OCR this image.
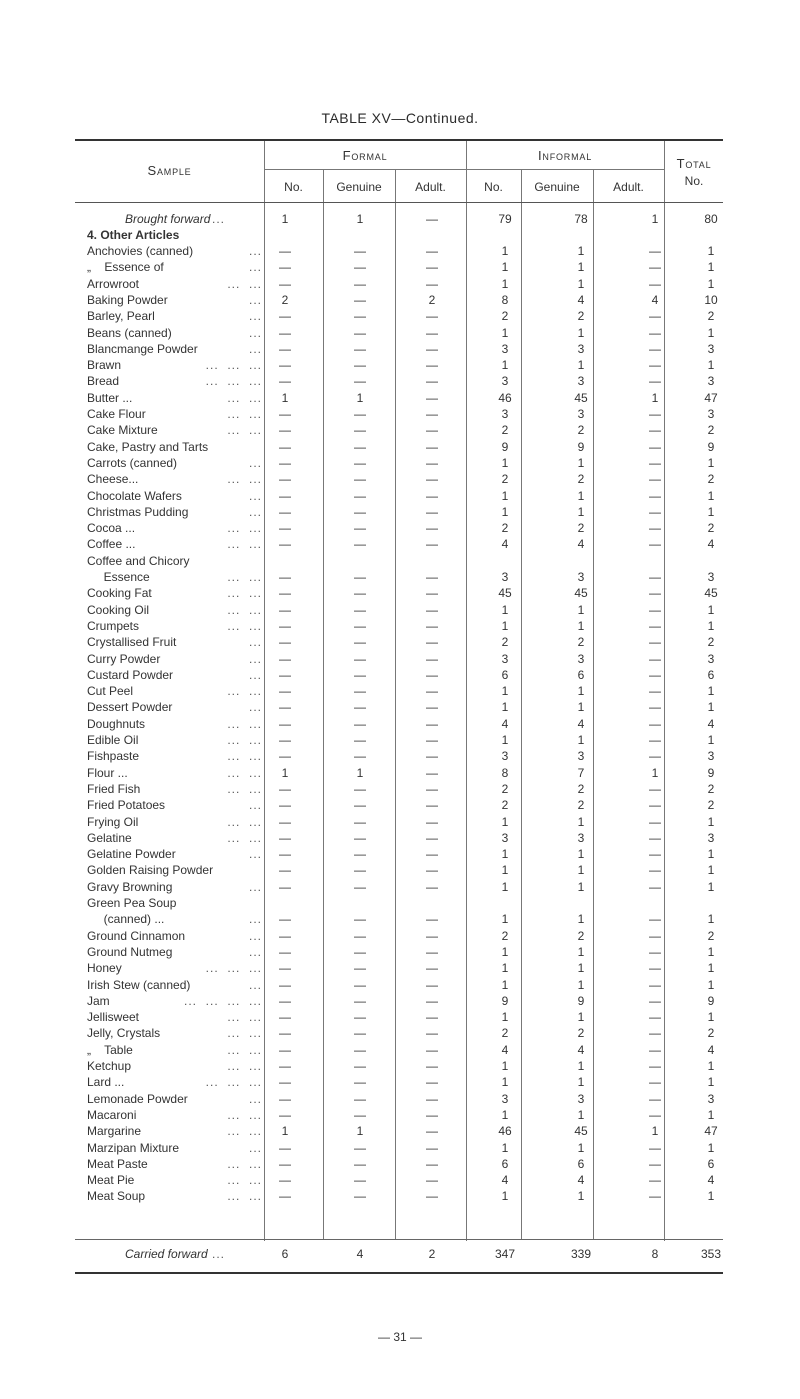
TABLE XV—Continued.
Sample
Formal	Informal
Total
No.
No.	Genuine	Adult.	No.	Genuine	Adult.
Brought forward ...	1	1	—	79	78	1	80
4. Other Articles
Anchovies (canned)	...	—	—	—	1	1	—	1
„    Essence of	...	—	—	—	1	1	—	1
Arrowroot	...  ...	—	—	—	1	1	—	1
Baking Powder	...	2	—	2	8	4	4	10
Barley, Pearl	...	—	—	—	2	2	—	2
Beans (canned)	...	—	—	—	1	1	—	1
Blancmange Powder	...	—	—	—	3	3	—	3
Brawn	...  ...  ...	—	—	—	1	1	—	1
Bread	...  ...  ...	—	—	—	3	3	—	3
Butter ...	...  ...	1	1	—	46	45	1	47
Cake Flour	...  ...	—	—	—	3	3	—	3
Cake Mixture	...  ...	—	—	—	2	2	—	2
Cake, Pastry and Tarts	—	—	—	9	9	—	9
Carrots (canned)	...	—	—	—	1	1	—	1
Cheese...	...  ...	—	—	—	2	2	—	2
Chocolate Wafers	...	—	—	—	1	1	—	1
Christmas Pudding	...	—	—	—	1	1	—	1
Cocoa ...	...  ...	—	—	—	2	2	—	2
Coffee ...	...  ...	—	—	—	4	4	—	4
Coffee and Chicory
Essence	...  ...	—	—	—	3	3	—	3
Cooking Fat	...  ...	—	—	—	45	45	—	45
Cooking Oil	...  ...	—	—	—	1	1	—	1
Crumpets	...  ...	—	—	—	1	1	—	1
Crystallised Fruit	...	—	—	—	2	2	—	2
Curry Powder	...	—	—	—	3	3	—	3
Custard Powder	...	—	—	—	6	6	—	6
Cut Peel	...  ...	—	—	—	1	1	—	1
Dessert Powder	...	—	—	—	1	1	—	1
Doughnuts	...  ...	—	—	—	4	4	—	4
Edible Oil	...  ...	—	—	—	1	1	—	1
Fishpaste	...  ...	—	—	—	3	3	—	3
Flour ...	...  ...	1	1	—	8	7	1	9
Fried Fish	...  ...	—	—	—	2	2	—	2
Fried Potatoes	...	—	—	—	2	2	—	2
Frying Oil	...  ...	—	—	—	1	1	—	1
Gelatine	...  ...	—	—	—	3	3	—	3
Gelatine Powder	...	—	—	—	1	1	—	1
Golden Raising Powder	—	—	—	1	1	—	1
Gravy Browning	...	—	—	—	1	1	—	1
Green Pea Soup
(canned) ...	...	—	—	—	1	1	—	1
Ground Cinnamon	...	—	—	—	2	2	—	2
Ground Nutmeg	...	—	—	—	1	1	—	1
Honey	...  ...  ...	—	—	—	1	1	—	1
Irish Stew (canned)	...	—	—	—	1	1	—	1
Jam	...  ...  ...  ...	—	—	—	9	9	—	9
Jellisweet	...  ...	—	—	—	1	1	—	1
Jelly, Crystals	...  ...	—	—	—	2	2	—	2
„    Table	...  ...	—	—	—	4	4	—	4
Ketchup	...  ...	—	—	—	1	1	—	1
Lard ...	...  ...  ...	—	—	—	1	1	—	1
Lemonade Powder	...	—	—	—	3	3	—	3
Macaroni	...  ...	—	—	—	1	1	—	1
Margarine	...  ...	1	1	—	46	45	1	47
Marzipan Mixture	...	—	—	—	1	1	—	1
Meat Paste	...  ...	—	—	—	6	6	—	6
Meat Pie	...  ...	—	—	—	4	4	—	4
Meat Soup	...  ...	—	—	—	1	1	—	1
Carried forward ...	6	4	2	347	339	8	353
— 31 —
